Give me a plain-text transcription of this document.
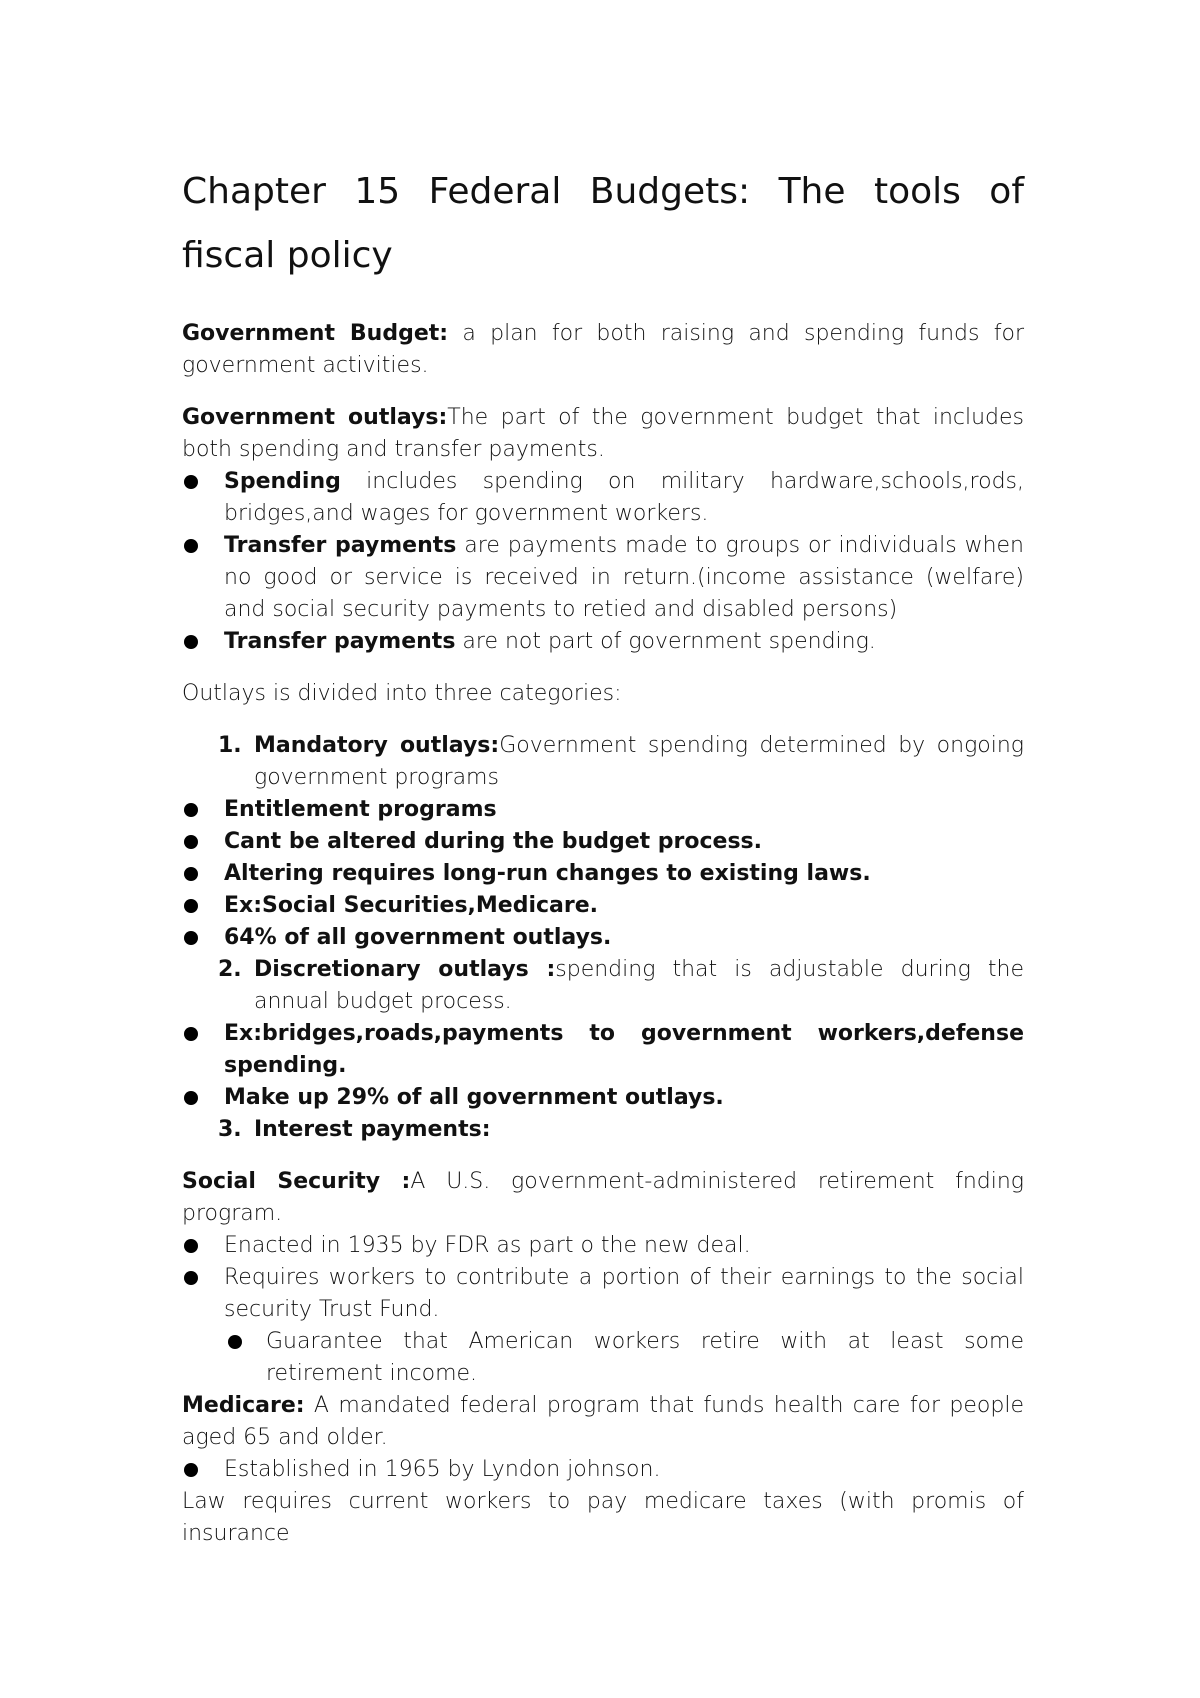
Chapter 15 Federal Budgets: The tools of fiscal policy

Government Budget: a plan for both raising and spending funds for government activities.

Government outlays:The part of the government budget that includes both spending and transfer payments.

Spending includes spending on military hardware,schools,rods, bridges,and wages for government workers.
Transfer payments are payments made to groups or individuals when no good or service is received in return.(income assistance (welfare) and social security payments to retied and disabled persons)
Transfer payments are not part of government spending.

Outlays is divided into three categories:

1. Mandatory outlays:Government spending determined by ongoing government programs
Entitlement programs
Cant be altered during the budget process.
Altering requires long-run changes to existing laws.
Ex:Social Securities,Medicare.
64% of all government outlays.
2. Discretionary outlays :spending that is adjustable during the annual budget process.
Ex:bridges,roads,payments to government workers,defense spending.
Make up 29% of all government outlays.
3. Interest payments:

Social Security :A U.S. government-administered retirement fnding program.

Enacted in 1935 by FDR as part o the new deal.
Requires workers to contribute a portion of their earnings to the social security Trust Fund.
Guarantee that American workers retire with at least some retirement income.

Medicare: A mandated federal program that funds health care for people aged 65 and older.

Established in 1965 by Lyndon johnson.

Law requires current workers to pay medicare taxes (with promis of insurance
